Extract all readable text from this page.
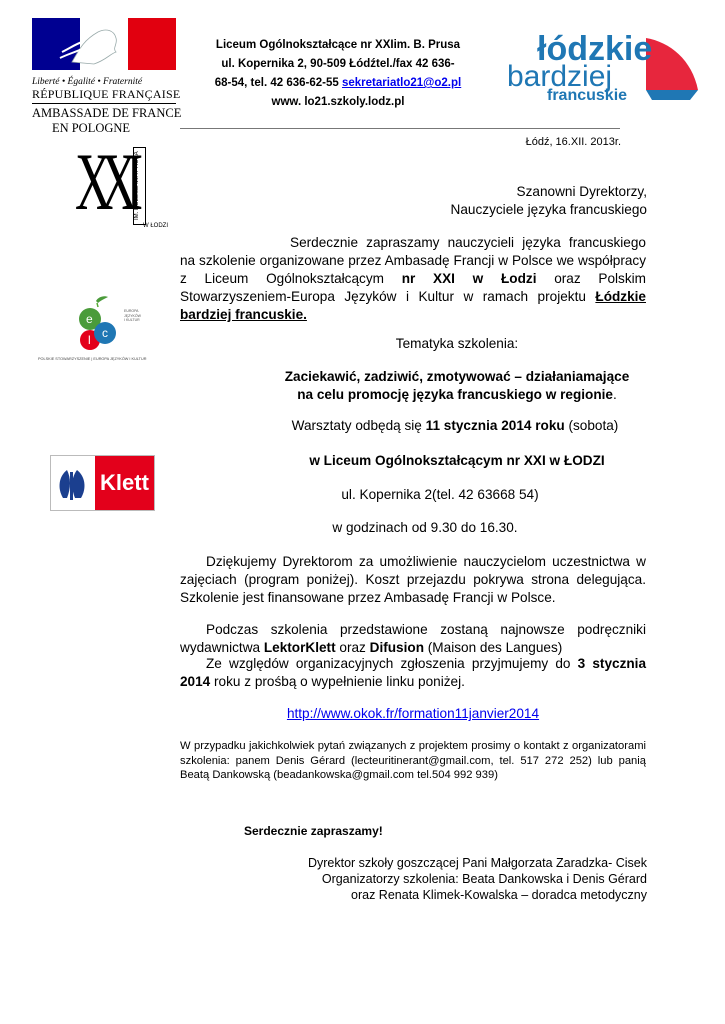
Liberté • Égalité • Fraternité
RÉPUBLIQUE FRANÇAISE
AMBASSADE DE FRANCE
EN POLOGNE
Liceum Ogólnokształcące nr XXIim. B. Prusa
ul. Kopernika 2, 90-509 Łódźtel./fax 42 636-
68-54, tel. 42 636-62-55 sekretariatlo21@o2.pl
www. lo21.szkoly.lodz.pl
łódzkie
bardziej
francuskie
Łódź, 16.XII. 2013r.
XXI IM. BOLESŁAWA PRUSA
W ŁODZI
e
l c
EUROPA
JĘZYKÓW
I KULTUR
POLSKIE STOWARZYSZENIE | EUROPA JĘZYKÓW I KULTUR
Klett
Szanowni Dyrektorzy,
Nauczyciele języka francuskiego
Serdecznie zapraszamy nauczycieli języka francuskiego na szkolenie organizowane przez Ambasadę Francji w Polsce we współpracy z Liceum Ogólnokształcącym nr XXI w Łodzi oraz Polskim Stowarzyszeniem-Europa Języków i Kultur w ramach projektu Łódzkie bardziej francuskie.
Tematyka szkolenia:
Zaciekawić, zadziwić, zmotywować – działaniamające
na celu promocję języka francuskiego w regionie.
Warsztaty odbędą się 11 stycznia 2014 roku (sobota)
w Liceum Ogólnokształcącym nr XXI w ŁODZI
ul. Kopernika 2(tel. 42 63668 54)
w godzinach od 9.30 do 16.30.
Dziękujemy Dyrektorom za umożliwienie nauczycielom uczestnictwa w zajęciach (program poniżej). Koszt przejazdu pokrywa strona delegująca. Szkolenie jest finansowane przez Ambasadę Francji w Polsce.
Podczas szkolenia przedstawione zostaną najnowsze podręczniki wydawnictwa LektorKlett oraz Difusion (Maison des Langues)
Ze względów organizacyjnych zgłoszenia przyjmujemy do 3 stycznia 2014 roku z prośbą o wypełnienie linku poniżej.
http://www.okok.fr/formation11janvier2014
W przypadku jakichkolwiek pytań związanych z projektem prosimy o kontakt z organizatorami szkolenia: panem Denis Gérard (lecteuritinerant@gmail.com, tel. 517 272 252) lub panią Beatą Dankowską (beadankowska@gmail.com tel.504 992 939)
Serdecznie zapraszamy!
Dyrektor szkoły goszczącej Pani Małgorzata Zaradzka- Cisek
Organizatorzy szkolenia: Beata Dankowska i Denis Gérard
oraz Renata Klimek-Kowalska – doradca metodyczny
